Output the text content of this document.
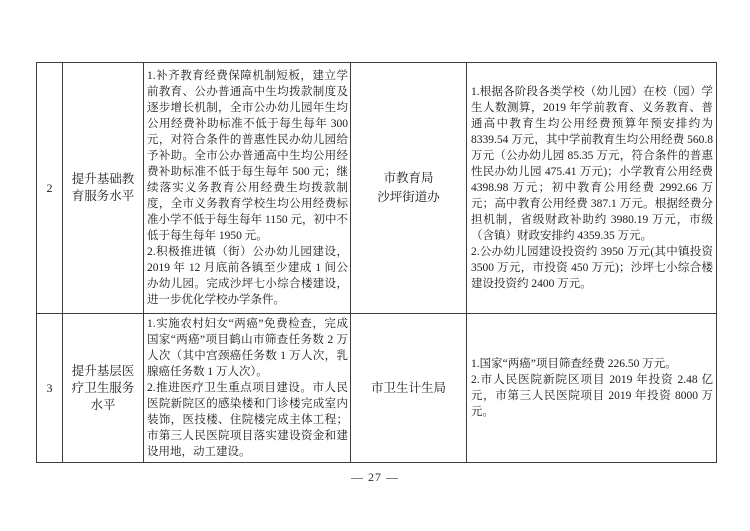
2
提升基础教育服务水平

1.补齐教育经费保障机制短板，建立学前教育、公办普通高中生均拨款制度及逐步增长机制，全市公办幼儿园年生均公用经费补助标准不低于每生每年 300 元，对符合条件的普惠性民办幼儿园给予补助。全市公办普通高中生均公用经费补助标准不低于每生每年 500 元；继续落实义务教育公用经费生均拨款制度，全市义务教育学校生均公用经费标准小学不低于每生每年 1150 元，初中不低于每生每年 1950 元。

2.积极推进镇（街）公办幼儿园建设，2019 年 12 月底前各镇至少建成 1 间公办幼儿园。完成沙坪七小综合楼建设，进一步优化学校办学条件。

市教育局
沙坪街道办

1.根据各阶段各类学校（幼儿园）在校（园）学生人数测算，2019 年学前教育、义务教育、普通高中教育生均公用经费预算年预安排约为 8339.54 万元，其中学前教育生均公用经费 560.8 万元（公办幼儿园 85.35 万元，符合条件的普惠性民办幼儿园 475.41 万元)；小学教育公用经费 4398.98 万元；初中教育公用经费 2992.66 万元；高中教育公用经费 387.1 万元。根据经费分担机制，省级财政补助约 3980.19 万元，市级（含镇）财政安排约 4359.35 万元。

2.公办幼儿园建设投资约 3950 万元(其中镇投资 3500 万元，市投资 450 万元)；沙坪七小综合楼建设投资约 2400 万元。

3
提升基层医疗卫生服务水平

1.实施农村妇女“两癌”免费检查，完成国家“两癌”项目鹤山市筛查任务数 2 万人次（其中宫颈癌任务数 1 万人次，乳腺癌任务数 1 万人次）。

2.推进医疗卫生重点项目建设。市人民医院新院区的感染楼和门诊楼完成室内装饰，医技楼、住院楼完成主体工程；市第三人民医院项目落实建设资金和建设用地，动工建设。

市卫生计生局

1.国家“两癌”项目筛查经费 226.50 万元。

2.市人民医院新院区项目 2019 年投资 2.48 亿元，市第三人民医院项目 2019 年投资 8000 万元。

— 27 —
